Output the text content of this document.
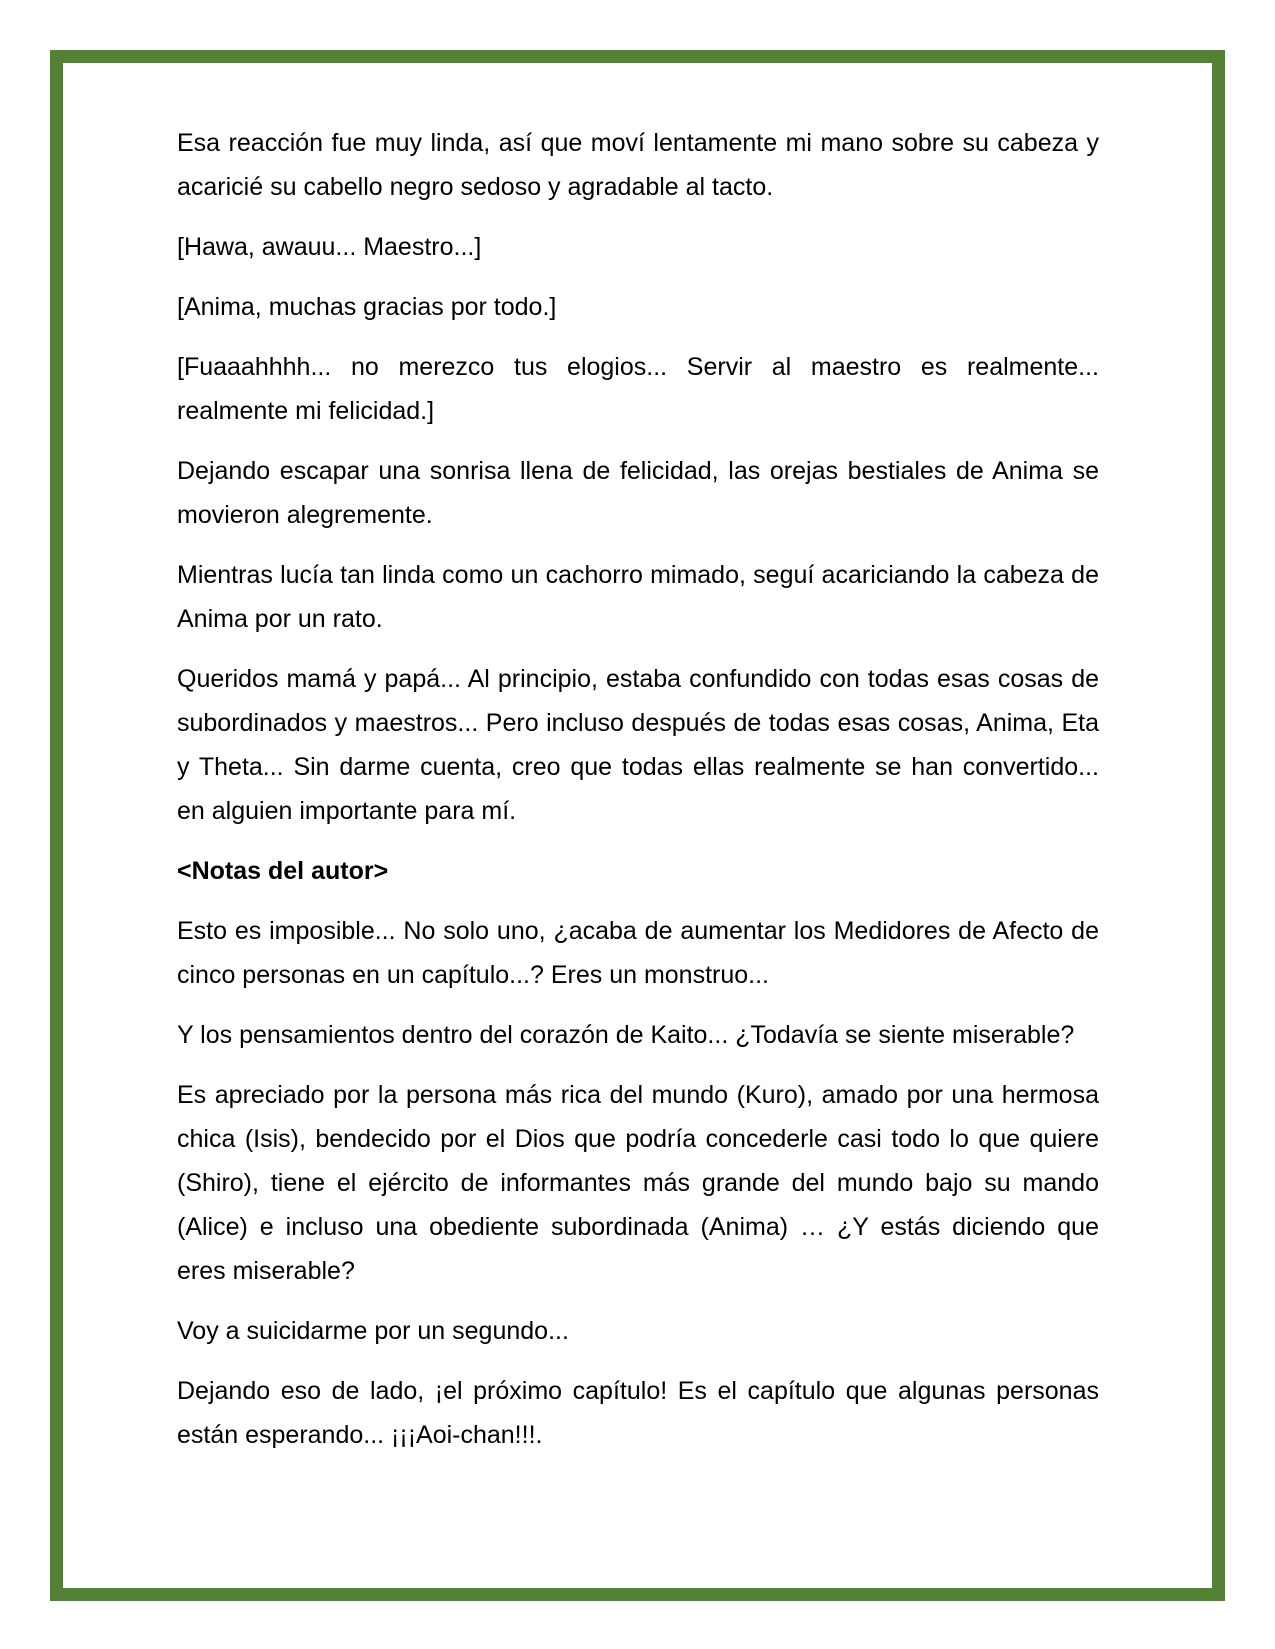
Esa reacción fue muy linda, así que moví lentamente mi mano sobre su cabeza y acaricié su cabello negro sedoso y agradable al tacto.

[Hawa, awauu... Maestro...]

[Anima, muchas gracias por todo.]

[Fuaaahhhh... no merezco tus elogios... Servir al maestro es realmente... realmente mi felicidad.]

Dejando escapar una sonrisa llena de felicidad, las orejas bestiales de Anima se movieron alegremente.

Mientras lucía tan linda como un cachorro mimado, seguí acariciando la cabeza de Anima por un rato.

Queridos mamá y papá... Al principio, estaba confundido con todas esas cosas de subordinados y maestros... Pero incluso después de todas esas cosas, Anima, Eta y Theta... Sin darme cuenta, creo que todas ellas realmente se han convertido... en alguien importante para mí.

<Notas del autor>

Esto es imposible... No solo uno, ¿acaba de aumentar los Medidores de Afecto de cinco personas en un capítulo...? Eres un monstruo...

Y los pensamientos dentro del corazón de Kaito... ¿Todavía se siente miserable?

Es apreciado por la persona más rica del mundo (Kuro), amado por una hermosa chica (Isis), bendecido por el Dios que podría concederle casi todo lo que quiere (Shiro), tiene el ejército de informantes más grande del mundo bajo su mando (Alice) e incluso una obediente subordinada (Anima) … ¿Y estás diciendo que eres miserable?

Voy a suicidarme por un segundo...

Dejando eso de lado, ¡el próximo capítulo! Es el capítulo que algunas personas están esperando... ¡¡¡Aoi-chan!!!.
